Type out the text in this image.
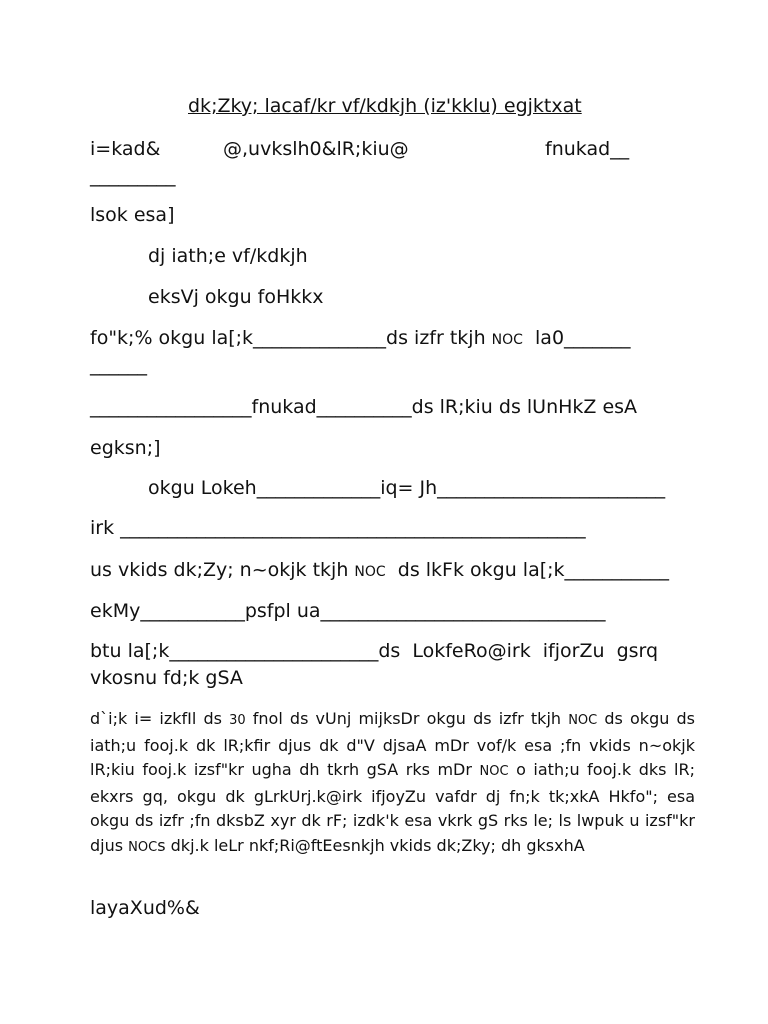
dk;Zky; lacaf/kr vf/kdkjh (iz'kklu) egjktxat
i=kad&	@,uvkslh0&lR;kiu@	fnukad__
_________
lsok esa]
dj iath;e vf/kdkjh
eksVj okgu foHkkx
fo"k;% okgu la[;k______________ds izfr tkjh NOC  la0_______
______
_________________fnukad__________ds lR;kiu ds lUnHkZ esA
egksn;]
okgu Lokeh_____________iq= Jh________________________
irk _________________________________________________
us vkids dk;Zy; n~okjk tkjh NOC  ds lkFk okgu la[;k___________
ekMy___________psfpl ua______________________________
btu la[;k______________________ds  LokfeRo@irk  ifjorZu  gsrq
vkosnu fd;k gSA
d`i;k i= izkfIl ds 30 fnol ds vUnj mijksDr okgu ds izfr tkjh NOC ds okgu ds iath;u fooj.k dk lR;kfir djus dk d"V djsaA mDr vof/k esa ;fn vkids n~okjk lR;kiu fooj.k izsf"kr ugha dh tkrh gSA rks mDr NOC o iath;u fooj.k dks lR; ekxrs gq, okgu dk gLrkUrj.k@irk ifjoyZu vafdr dj fn;k tk;xkA Hkfo"; esa okgu ds izfr ;fn dksbZ xyr dk rF; izdk'k esa vkrk gS rks le; ls lwpuk u izsf"kr djus NOCs dkj.k leLr nkf;Ri@ftEesnkjh vkids dk;Zky; dh gksxhA
layaXud%&
